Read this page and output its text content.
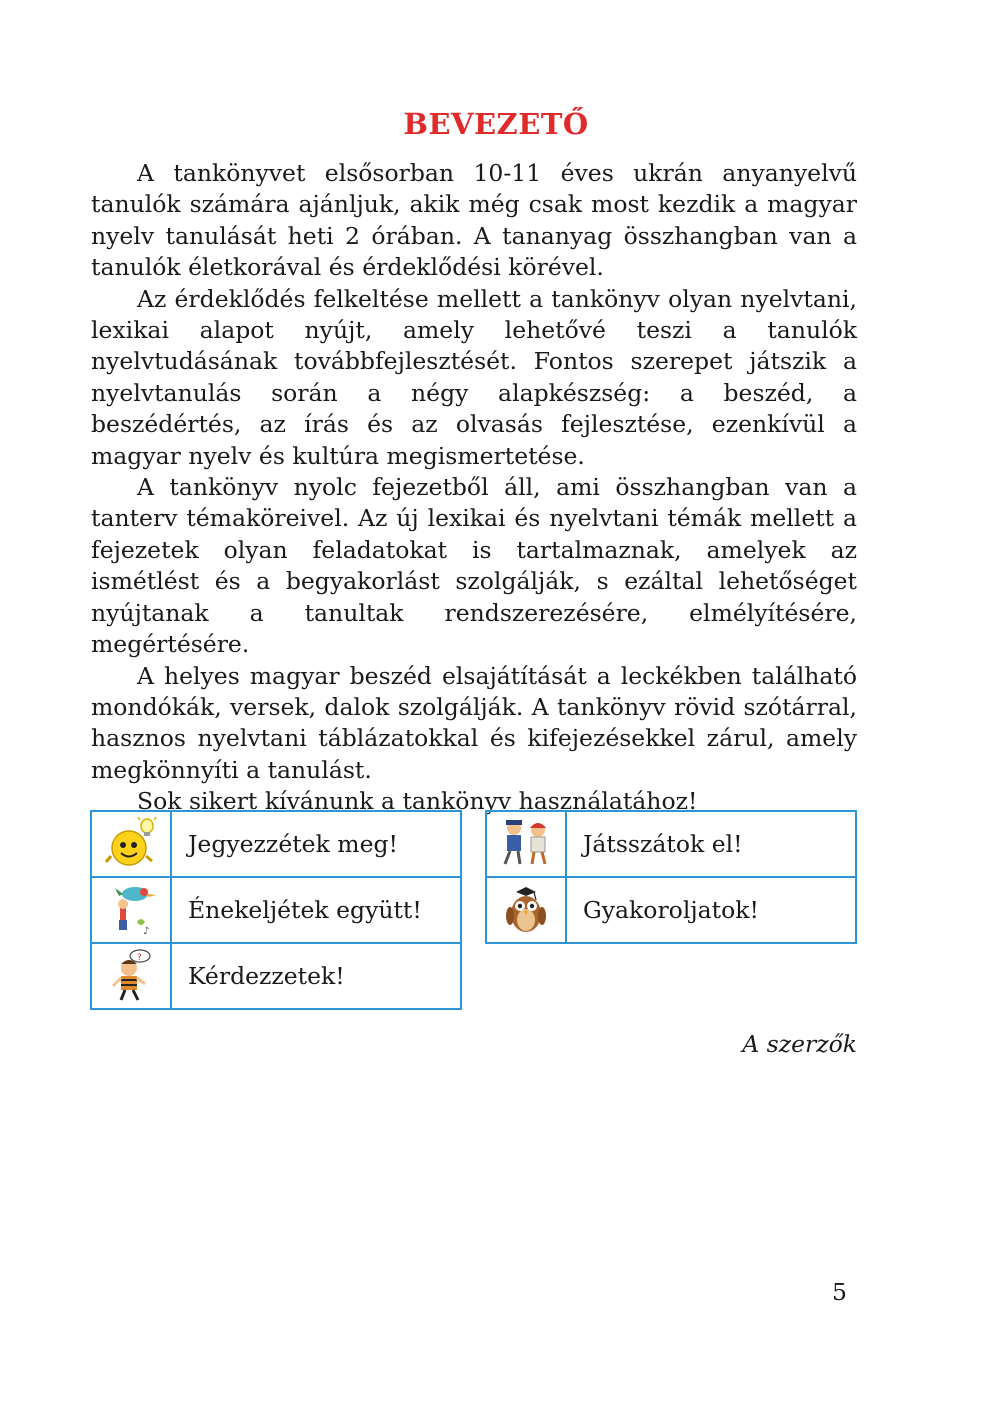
BEVEZETŐ

A tankönyvet elsősorban 10-11 éves ukrán anyanyelvű tanulók számára ajánljuk, akik még csak most kezdik a magyar nyelv tanulását heti 2 órában. A tananyag összhangban van a tanulók életkorával és érdeklődési körével.

Az érdeklődés felkeltése mellett a tankönyv olyan nyelvtani, lexikai alapot nyújt, amely lehetővé teszi a tanulók nyelvtudásának továbbfejlesztését. Fontos szerepet játszik a nyelvtanulás során a négy alapkészség: a beszéd, a beszédértés, az írás és az olvasás fejlesztése, ezenkívül a magyar nyelv és kultúra megismertetése.

A tankönyv nyolc fejezetből áll, ami összhangban van a tanterv témaköreivel. Az új lexikai és nyelvtani témák mellett a fejezetek olyan feladatokat is tartalmaznak, amelyek az ismétlést és a begyakorlást szolgálják, s ezáltal lehetőséget nyújtanak a tanultak rendszerezésére, elmélyítésére, megértésére.

A helyes magyar beszéd elsajátítását a leckékben található mondókák, versek, dalok szolgálják. A tankönyv rövid szótárral, hasznos nyelvtani táblázatokkal és kifejezésekkel zárul, amely megkönnyíti a tanulást.

Sok sikert kívánunk a tankönyv használatához!

	Jegyezzétek meg!

♪	Énekeljétek együtt!

?	Kérdezzetek!
	Játsszátok el!

	Gyakoroljatok!
A szerzők
5
